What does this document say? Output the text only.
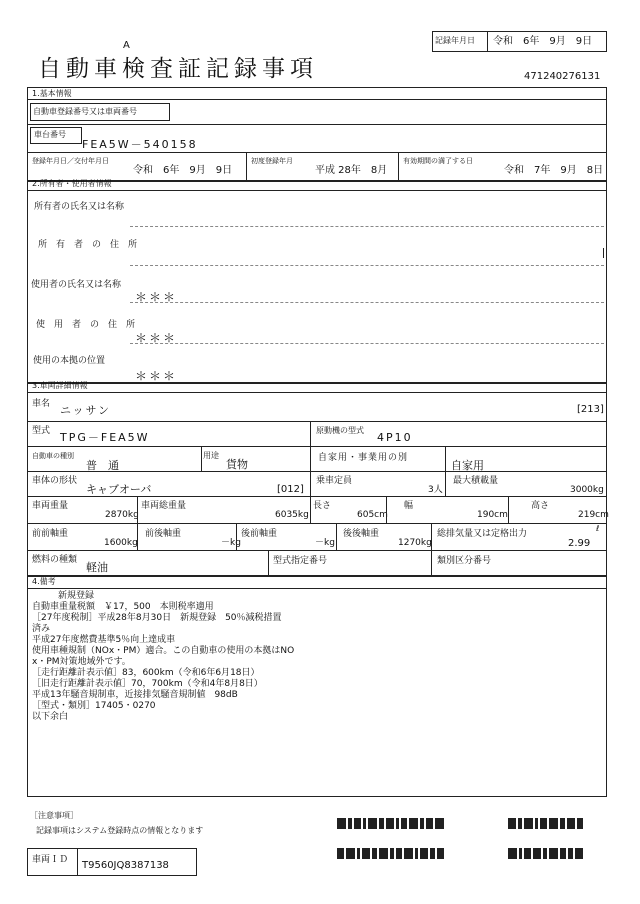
A
自動車検査証記録事項
記録年月日 令和　6年　9月　9日
471240276131
1.基本情報
自動車登録番号又は車両番号
車台番号
FEA5W－540158
登録年月日／交付年月日
令和　6年　9月　9日
初度登録年月
平成 28年　8月
有効期間の満了する日
令和　7年　9月　8日
2.所有者・使用者情報
所有者の氏名又は名称
所　有　者　の　住　所
使用者の氏名又は名称
＊＊＊
使　用　者　の　住　所
＊＊＊
使用の本拠の位置
＊＊＊
3.車両詳細情報
車名 ニッサン	[213]
型式 TPG－FEA5W
原動機の型式
4P10
自動車の種別
普　通
用途
貨物	自家用・事業用の別
自家用
車体の形状
キャブオーバ	[012]
乗車定員
3人
最大積載量
3000kg
車両重量
2870kg
車両総重量
6035kg
長さ
605cm
幅
190cm
高さ
219cm
前前軸重
1600kg
前後軸重
－kg
後前軸重
－kg
後後軸重
1270kg
総排気量又は定格出力
2.99
ℓ
燃料の種類
軽油	型式指定番号	類別区分番号
4.備考
新規登録
自動車重量税額　￥17，500　本則税率適用
［27年度税制］平成28年8月30日　新規登録　50％減税措置
済み
平成27年度燃費基準5％向上達成車
使用車種規制（NOx・PM）適合。この自動車の使用の本拠はNO
x・PM対策地域外です。
［走行距離計表示値］83，600km（令和6年6月18日）
［旧走行距離計表示値］70，700km（令和4年8月8日）
平成13年騒音規制車，近接排気騒音規制値　98dB
［型式・類別］17405・0270
以下余白
［注意事項］
記録事項はシステム登録時点の情報となります
車両ＩＤ T9560JQ8387138
